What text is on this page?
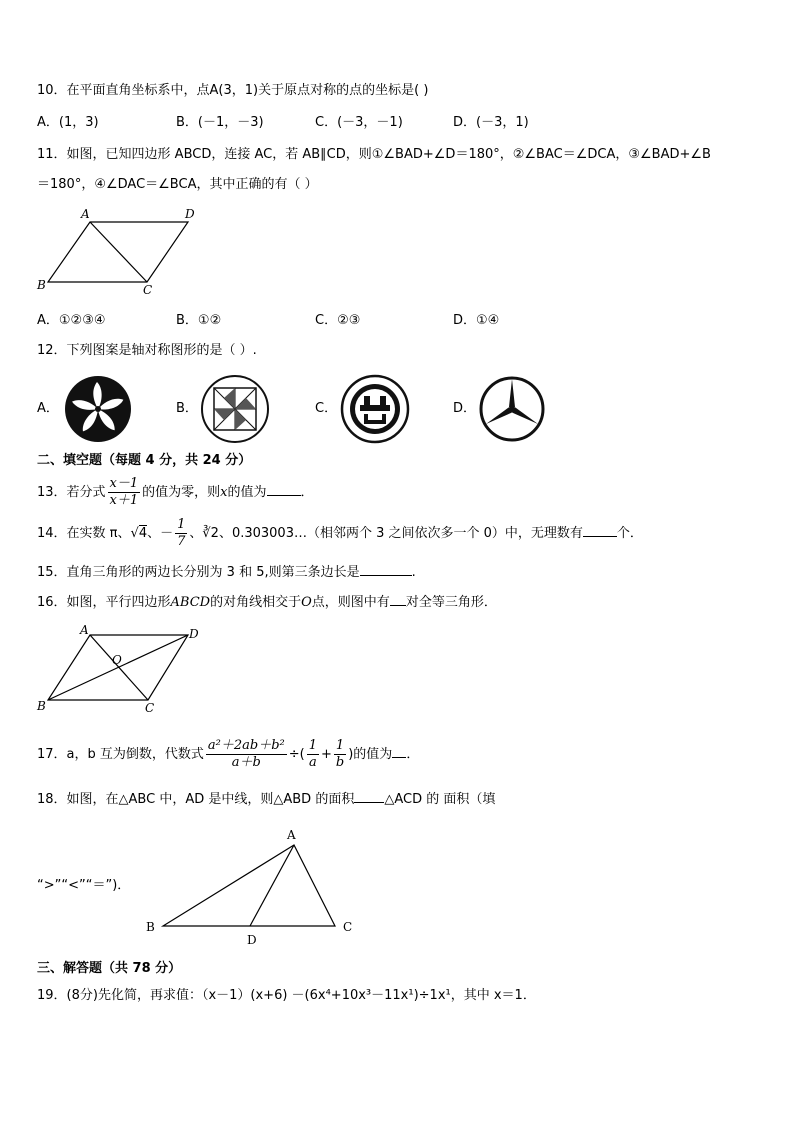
10．在平面直角坐标系中，点A(3，1)关于原点对称的点的坐标是( )
A．(1，3)	B．(－1，－3)	C．(－3，－1)	D．(－3，1)
11．如图，已知四边形 ABCD，连接 AC，若 AB∥CD，则①∠BAD+∠D＝180°，②∠BAC＝∠DCA，③∠BAD+∠B
＝180°，④∠DAC＝∠BCA，其中正确的有（ ）
A	D
B	C
A．①②③④	B．①②	C．②③	D．①④
12．下列图案是轴对称图形的是（ ）.
A．	B．	C．	D．
二、填空题（每题 4 分，共 24 分）
13．若分式 $\frac{x-1}{x+1}$ 的值为零，则x的值为	．
14．在实数 π、√4、－ $\frac{1}{7}$ 、∛2、0.303003…（相邻两个 3 之间依次多一个 0）中，无理数有	个．
15．直角三角形的两边长分别为 3 和 5,则第三条边长是	.
16．如图，平行四边形ABCD的对角线相交于O点，则图中有 对全等三角形．
A	D
O
B	C
17．a，b 互为倒数，代数式 $\frac{\text{a²＋2ab＋b²}}{a+b}$ ÷( $\frac{1}{a} + \frac{1}{b}$ )的值为 ．
18．如图，在△ABC 中，AD 是中线，则△ABD 的面积 △ACD 的 面积（填
“>”“<”“＝”)．
A
B
D
C
三、解答题（共 78 分）
19．(8分)先化简，再求值：（x－1）(x+6) －(6x⁴+10x³－11x¹)÷1x¹，其中 x＝1．
